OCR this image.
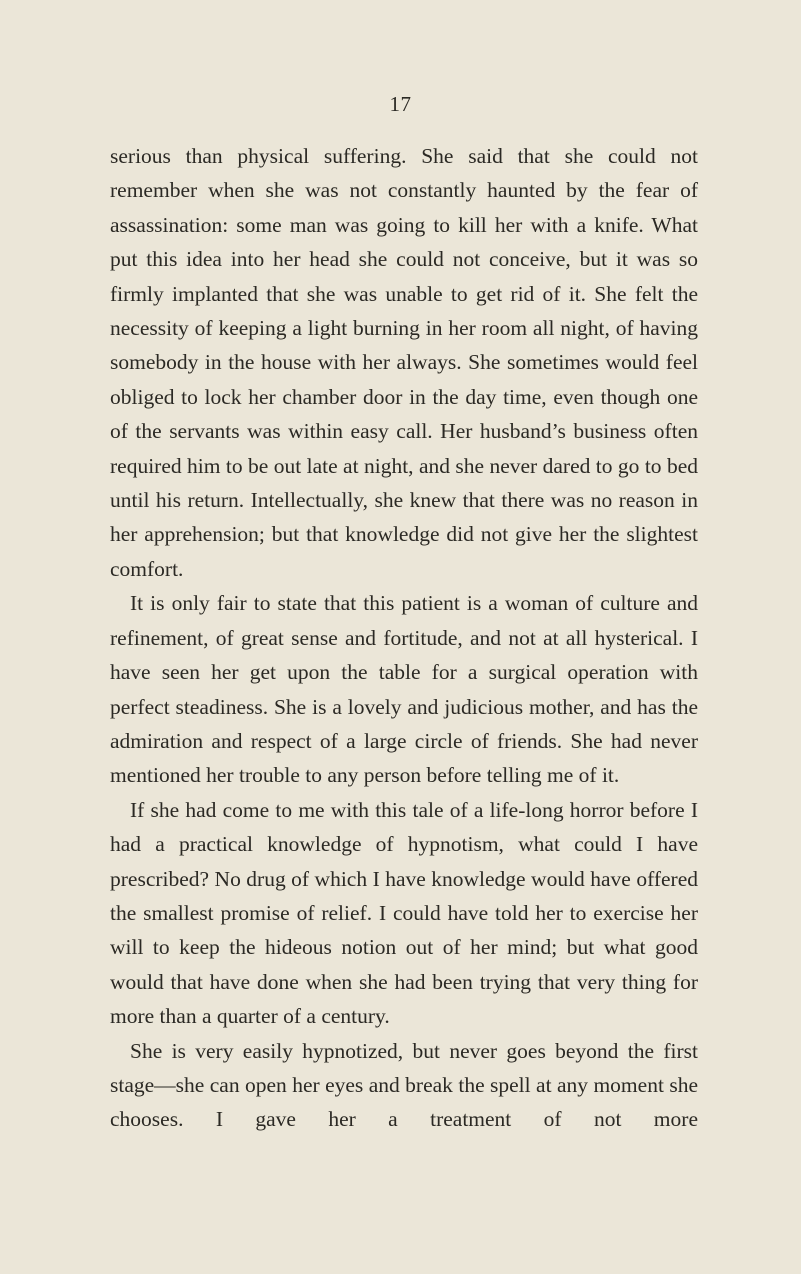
17

serious than physical suffering. She said that she could not remember when she was not constantly haunted by the fear of assassination: some man was going to kill her with a knife. What put this idea into her head she could not conceive, but it was so firmly implanted that she was unable to get rid of it. She felt the necessity of keeping a light burning in her room all night, of having somebody in the house with her always. She sometimes would feel obliged to lock her chamber door in the day time, even though one of the servants was within easy call. Her husband’s business often required him to be out late at night, and she never dared to go to bed until his return. Intellectually, she knew that there was no reason in her apprehension; but that knowledge did not give her the slightest comfort.

It is only fair to state that this patient is a woman of culture and refinement, of great sense and fortitude, and not at all hysterical. I have seen her get upon the table for a surgical operation with perfect steadiness. She is a lovely and judicious mother, and has the admiration and respect of a large circle of friends. She had never mentioned her trouble to any person before telling me of it.

If she had come to me with this tale of a life-long horror before I had a practical knowledge of hypnotism, what could I have prescribed? No drug of which I have knowledge would have offered the smallest promise of relief. I could have told her to exercise her will to keep the hideous notion out of her mind; but what good would that have done when she had been trying that very thing for more than a quarter of a century.

She is very easily hypnotized, but never goes beyond the first stage—she can open her eyes and break the spell at any moment she chooses. I gave her a treatment of not more
